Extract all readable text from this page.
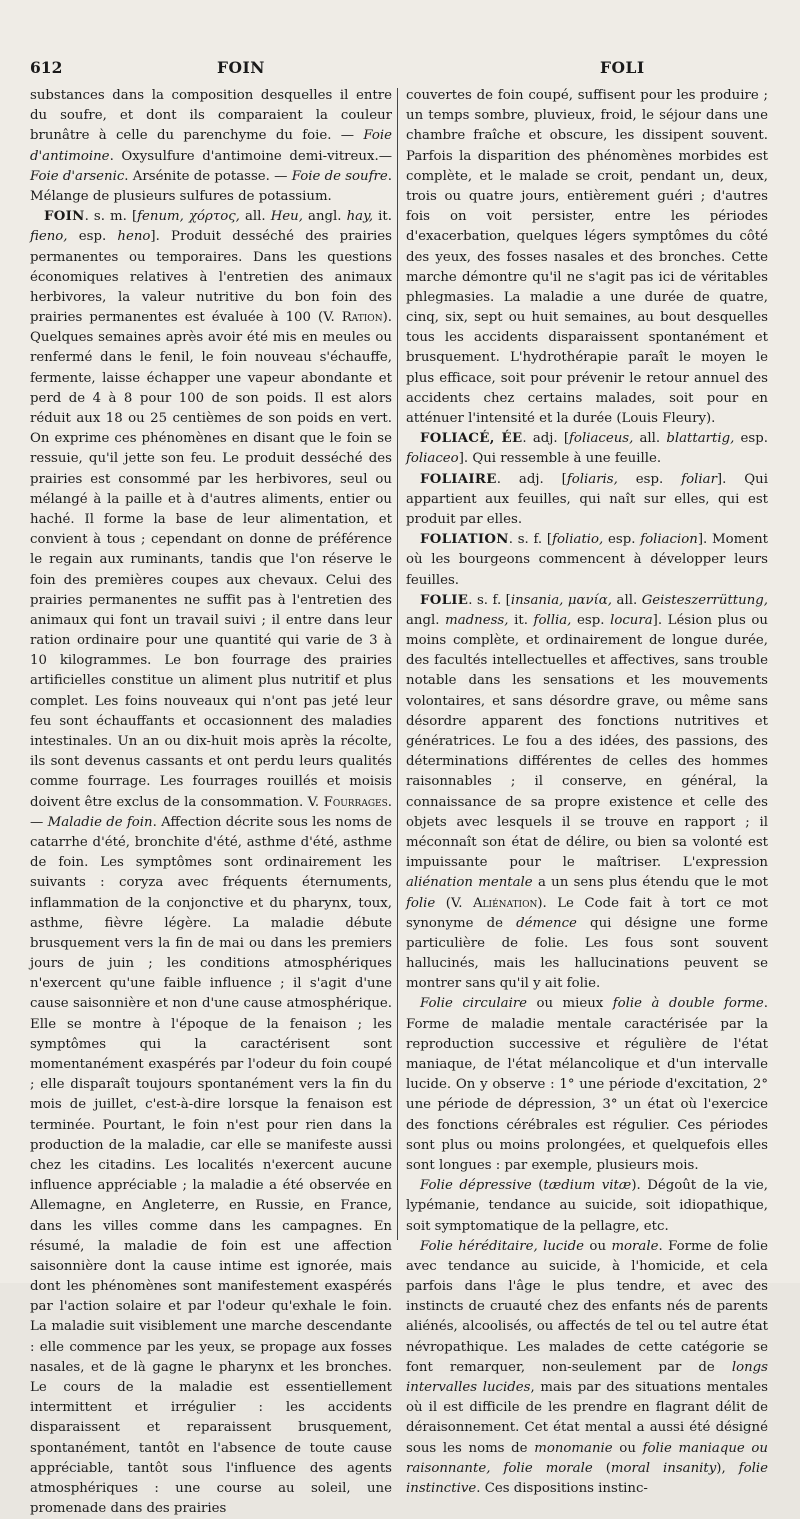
612	FOIN	FOLI

substances dans la composition desquelles il entre du soufre, et dont ils comparaient la couleur brunâtre à celle du parenchyme du foie. — Foie d'antimoine. Oxysulfure d'antimoine demi-vitreux.— Foie d'arsenic. Arsénite de potasse. — Foie de soufre. Mélange de plusieurs sulfures de potassium.

FOIN. s. m. [fenum, χόρτος, all. Heu, angl. hay, it. fieno, esp. heno]. Produit desséché des prairies permanentes ou temporaires. Dans les questions économiques relatives à l'entretien des animaux herbivores, la valeur nutritive du bon foin des prairies permanentes est évaluée à 100 (V. Ration). Quelques semaines après avoir été mis en meules ou renfermé dans le fenil, le foin nouveau s'échauffe, fermente, laisse échapper une vapeur abondante et perd de 4 à 8 pour 100 de son poids. Il est alors réduit aux 18 ou 25 centièmes de son poids en vert. On exprime ces phénomènes en disant que le foin se ressuie, qu'il jette son feu. Le produit desséché des prairies est consommé par les herbivores, seul ou mélangé à la paille et à d'autres aliments, entier ou haché. Il forme la base de leur alimentation, et convient à tous ; cependant on donne de préférence le regain aux ruminants, tandis que l'on réserve le foin des premières coupes aux chevaux. Celui des prairies permanentes ne suffit pas à l'entretien des animaux qui font un travail suivi ; il entre dans leur ration ordinaire pour une quantité qui varie de 3 à 10 kilogrammes. Le bon fourrage des prairies artificielles constitue un aliment plus nutritif et plus complet. Les foins nouveaux qui n'ont pas jeté leur feu sont échauffants et occasionnent des maladies intestinales. Un an ou dix-huit mois après la récolte, ils sont devenus cassants et ont perdu leurs qualités comme fourrage. Les fourrages rouillés et moisis doivent être exclus de la consommation. V. Fourrages. — Maladie de foin. Affection décrite sous les noms de catarrhe d'été, bronchite d'été, asthme d'été, asthme de foin. Les symptômes sont ordinairement les suivants : coryza avec fréquents éternuments, inflammation de la conjonctive et du pharynx, toux, asthme, fièvre légère. La maladie débute brusquement vers la fin de mai ou dans les premiers jours de juin ; les conditions atmosphériques n'exercent qu'une faible influence ; il s'agit d'une cause saisonnière et non d'une cause atmosphérique. Elle se montre à l'époque de la fenaison ; les symptômes qui la caractérisent sont momentanément exaspérés par l'odeur du foin coupé ; elle disparaît toujours spontanément vers la fin du mois de juillet, c'est-à-dire lorsque la fenaison est terminée. Pourtant, le foin n'est pour rien dans la production de la maladie, car elle se manifeste aussi chez les citadins. Les localités n'exercent aucune influence appréciable ; la maladie a été observée en Allemagne, en Angleterre, en Russie, en France, dans les villes comme dans les campagnes. En résumé, la maladie de foin est une affection saisonnière dont la cause intime est ignorée, mais dont les phénomènes sont manifestement exaspérés par l'action solaire et par l'odeur qu'exhale le foin. La maladie suit visiblement une marche descendante : elle commence par les yeux, se propage aux fosses nasales, et de là gagne le pharynx et les bronches. Le cours de la maladie est essentiellement intermittent et irrégulier : les accidents disparaissent et reparaissent brusquement, spontanément, tantôt en l'absence de toute cause appréciable, tantôt sous l'influence des agents atmosphériques : une course au soleil, une promenade dans des prairies

couvertes de foin coupé, suffisent pour les produire ; un temps sombre, pluvieux, froid, le séjour dans une chambre fraîche et obscure, les dissipent souvent. Parfois la disparition des phénomènes morbides est complète, et le malade se croit, pendant un, deux, trois ou quatre jours, entièrement guéri ; d'autres fois on voit persister, entre les périodes d'exacerbation, quelques légers symptômes du côté des yeux, des fosses nasales et des bronches. Cette marche démontre qu'il ne s'agit pas ici de véritables phlegmasies. La maladie a une durée de quatre, cinq, six, sept ou huit semaines, au bout desquelles tous les accidents disparaissent spontanément et brusquement. L'hydrothérapie paraît le moyen le plus efficace, soit pour prévenir le retour annuel des accidents chez certains malades, soit pour en atténuer l'intensité et la durée (Louis Fleury).

FOLIACÉ, ÉE. adj. [foliaceus, all. blattartig, esp. foliaceo]. Qui ressemble à une feuille.

FOLIAIRE. adj. [foliaris, esp. foliar]. Qui appartient aux feuilles, qui naît sur elles, qui est produit par elles.

FOLIATION. s. f. [foliatio, esp. foliacion]. Moment où les bourgeons commencent à développer leurs feuilles.

FOLIE. s. f. [insania, μανία, all. Geisteszerrüttung, angl. madness, it. follia, esp. locura]. Lésion plus ou moins complète, et ordinairement de longue durée, des facultés intellectuelles et affectives, sans trouble notable dans les sensations et les mouvements volontaires, et sans désordre grave, ou même sans désordre apparent des fonctions nutritives et génératrices. Le fou a des idées, des passions, des déterminations différentes de celles des hommes raisonnables ; il conserve, en général, la connaissance de sa propre existence et celle des objets avec lesquels il se trouve en rapport ; il méconnaît son état de délire, ou bien sa volonté est impuissante pour le maîtriser. L'expression aliénation mentale a un sens plus étendu que le mot folie (V. Aliénation). Le Code fait à tort ce mot synonyme de démence qui désigne une forme particulière de folie. Les fous sont souvent hallucinés, mais les hallucinations peuvent se montrer sans qu'il y ait folie.

Folie circulaire ou mieux folie à double forme. Forme de maladie mentale caractérisée par la reproduction successive et régulière de l'état maniaque, de l'état mélancolique et d'un intervalle lucide. On y observe : 1° une période d'excitation, 2° une période de dépression, 3° un état où l'exercice des fonctions cérébrales est régulier. Ces périodes sont plus ou moins prolongées, et quelquefois elles sont longues : par exemple, plusieurs mois.

Folie dépressive (tædium vitæ). Dégoût de la vie, lypémanie, tendance au suicide, soit idiopathique, soit symptomatique de la pellagre, etc.

Folie héréditaire, lucide ou morale. Forme de folie avec tendance au suicide, à l'homicide, et cela parfois dans l'âge le plus tendre, et avec des instincts de cruauté chez des enfants nés de parents aliénés, alcoolisés, ou affectés de tel ou tel autre état névropathique. Les malades de cette catégorie se font remarquer, non-seulement par de longs intervalles lucides, mais par des situations mentales où il est difficile de les prendre en flagrant délit de déraisonnement. Cet état mental a aussi été désigné sous les noms de monomanie ou folie maniaque ou raisonnante, folie morale (moral insanity), folie instinctive. Ces dispositions instinc-
